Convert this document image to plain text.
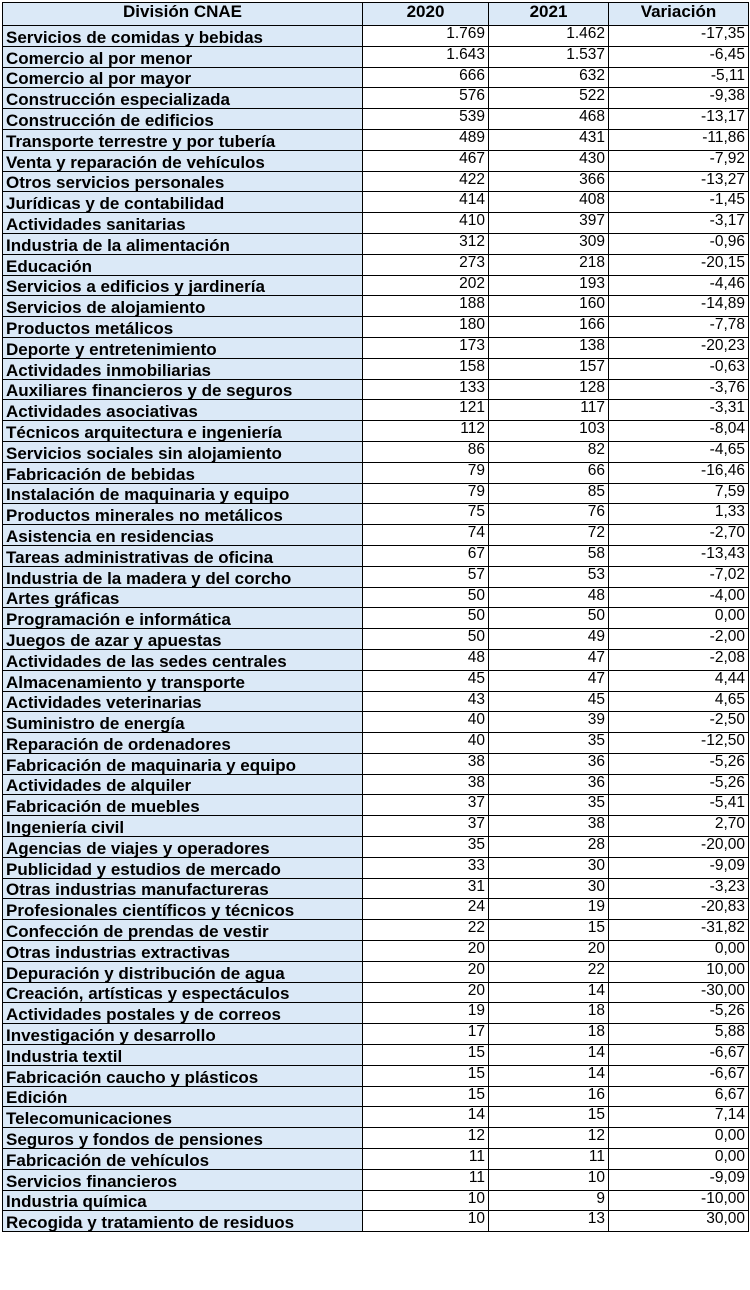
División CNAE	2020	2021	Variación
Servicios de comidas y bebidas	1.769	1.462	-17,35
Comercio al por menor	1.643	1.537	-6,45
Comercio al por mayor	666	632	-5,11
Construcción especializada	576	522	-9,38
Construcción de edificios	539	468	-13,17
Transporte terrestre y por tubería	489	431	-11,86
Venta y reparación de vehículos	467	430	-7,92
Otros servicios personales	422	366	-13,27
Jurídicas y de contabilidad	414	408	-1,45
Actividades sanitarias	410	397	-3,17
Industria de la alimentación	312	309	-0,96
Educación	273	218	-20,15
Servicios a edificios y jardinería	202	193	-4,46
Servicios de alojamiento	188	160	-14,89
Productos metálicos	180	166	-7,78
Deporte y entretenimiento	173	138	-20,23
Actividades inmobiliarias	158	157	-0,63
Auxiliares financieros y de seguros	133	128	-3,76
Actividades asociativas	121	117	-3,31
Técnicos arquitectura e ingeniería	112	103	-8,04
Servicios sociales sin alojamiento	86	82	-4,65
Fabricación de bebidas	79	66	-16,46
Instalación de maquinaria y equipo	79	85	7,59
Productos minerales no metálicos	75	76	1,33
Asistencia en residencias	74	72	-2,70
Tareas administrativas de oficina	67	58	-13,43
Industria de la madera y del corcho	57	53	-7,02
Artes gráficas	50	48	-4,00
Programación e informática	50	50	0,00
Juegos de azar y apuestas	50	49	-2,00
Actividades de las sedes centrales	48	47	-2,08
Almacenamiento y transporte	45	47	4,44
Actividades veterinarias	43	45	4,65
Suministro de energía	40	39	-2,50
Reparación de ordenadores	40	35	-12,50
Fabricación de maquinaria y equipo	38	36	-5,26
Actividades de alquiler	38	36	-5,26
Fabricación de muebles	37	35	-5,41
Ingeniería civil	37	38	2,70
Agencias de viajes y operadores	35	28	-20,00
Publicidad y estudios de mercado	33	30	-9,09
Otras industrias manufactureras	31	30	-3,23
Profesionales científicos y técnicos	24	19	-20,83
Confección de prendas de vestir	22	15	-31,82
Otras industrias extractivas	20	20	0,00
Depuración y distribución de agua	20	22	10,00
Creación, artísticas y espectáculos	20	14	-30,00
Actividades postales y de correos	19	18	-5,26
Investigación y desarrollo	17	18	5,88
Industria textil	15	14	-6,67
Fabricación caucho y plásticos	15	14	-6,67
Edición	15	16	6,67
Telecomunicaciones	14	15	7,14
Seguros y fondos de pensiones	12	12	0,00
Fabricación de vehículos	11	11	0,00
Servicios financieros	11	10	-9,09
Industria química	10	9	-10,00
Recogida y tratamiento de residuos	10	13	30,00
